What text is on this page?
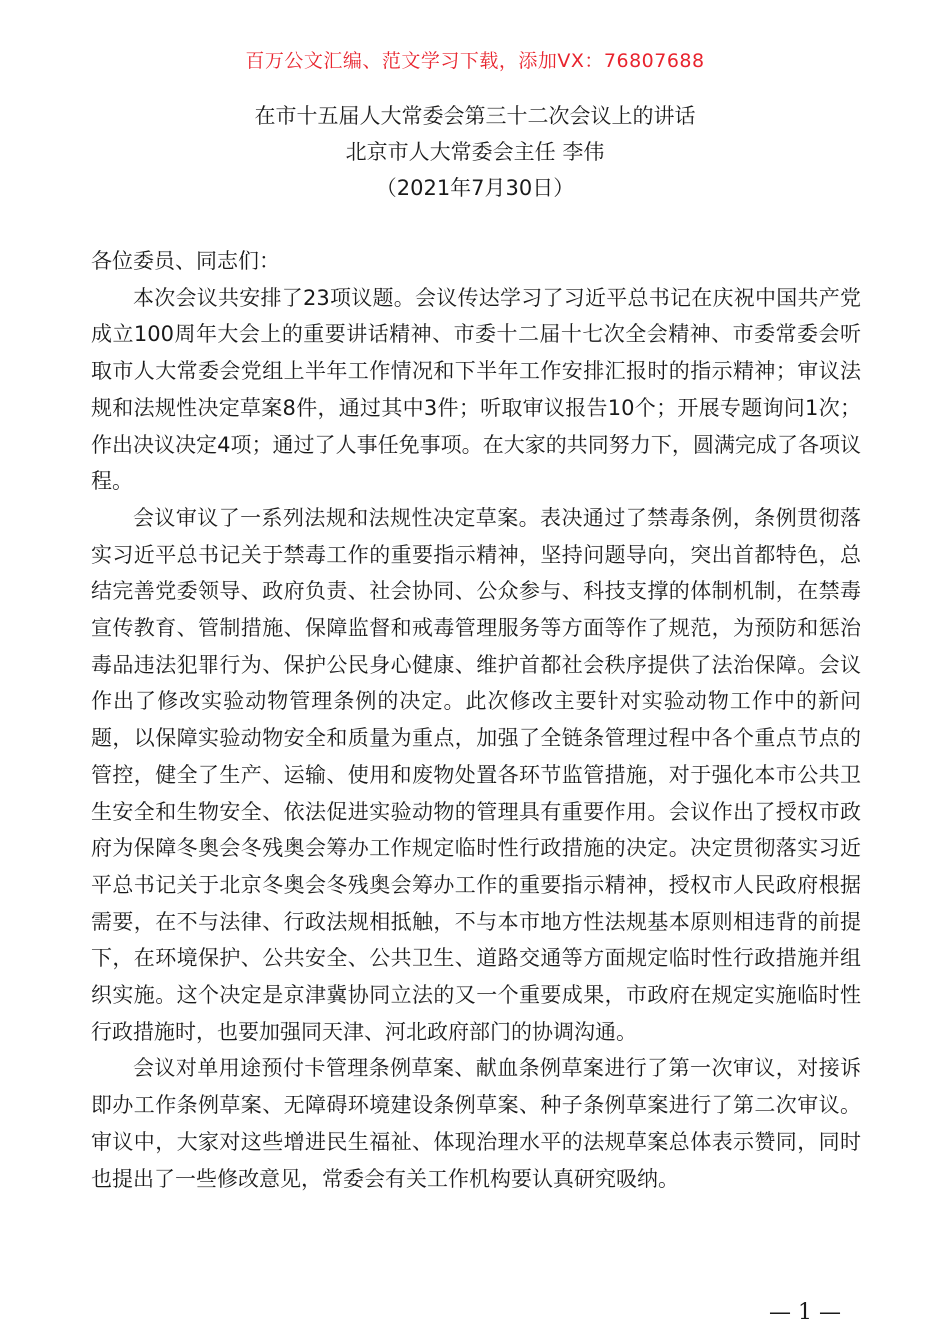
百万公文汇编、范文学习下载，添加VX：76807688
在市十五届人大常委会第三十二次会议上的讲话
北京市人大常委会主任 李伟
（2021年7月30日）

各位委员、同志们：

本次会议共安排了23项议题。会议传达学习了习近平总书记在庆祝中国共产党成立100周年大会上的重要讲话精神、市委十二届十七次全会精神、市委常委会听取市人大常委会党组上半年工作情况和下半年工作安排汇报时的指示精神；审议法规和法规性决定草案8件，通过其中3件；听取审议报告10个；开展专题询问1次；作出决议决定4项；通过了人事任免事项。在大家的共同努力下，圆满完成了各项议程。

会议审议了一系列法规和法规性决定草案。表决通过了禁毒条例，条例贯彻落实习近平总书记关于禁毒工作的重要指示精神，坚持问题导向，突出首都特色，总结完善党委领导、政府负责、社会协同、公众参与、科技支撑的体制机制，在禁毒宣传教育、管制措施、保障监督和戒毒管理服务等方面等作了规范，为预防和惩治毒品违法犯罪行为、保护公民身心健康、维护首都社会秩序提供了法治保障。会议作出了修改实验动物管理条例的决定。此次修改主要针对实验动物工作中的新问题，以保障实验动物安全和质量为重点，加强了全链条管理过程中各个重点节点的管控，健全了生产、运输、使用和废物处置各环节监管措施，对于强化本市公共卫生安全和生物安全、依法促进实验动物的管理具有重要作用。会议作出了授权市政府为保障冬奥会冬残奥会筹办工作规定临时性行政措施的决定。决定贯彻落实习近平总书记关于北京冬奥会冬残奥会筹办工作的重要指示精神，授权市人民政府根据需要，在不与法律、行政法规相抵触，不与本市地方性法规基本原则相违背的前提下，在环境保护、公共安全、公共卫生、道路交通等方面规定临时性行政措施并组织实施。这个决定是京津冀协同立法的又一个重要成果，市政府在规定实施临时性行政措施时，也要加强同天津、河北政府部门的协调沟通。

会议对单用途预付卡管理条例草案、献血条例草案进行了第一次审议，对接诉即办工作条例草案、无障碍环境建设条例草案、种子条例草案进行了第二次审议。审议中，大家对这些增进民生福祉、体现治理水平的法规草案总体表示赞同，同时也提出了一些修改意见，常委会有关工作机构要认真研究吸纳。

— 1 —
